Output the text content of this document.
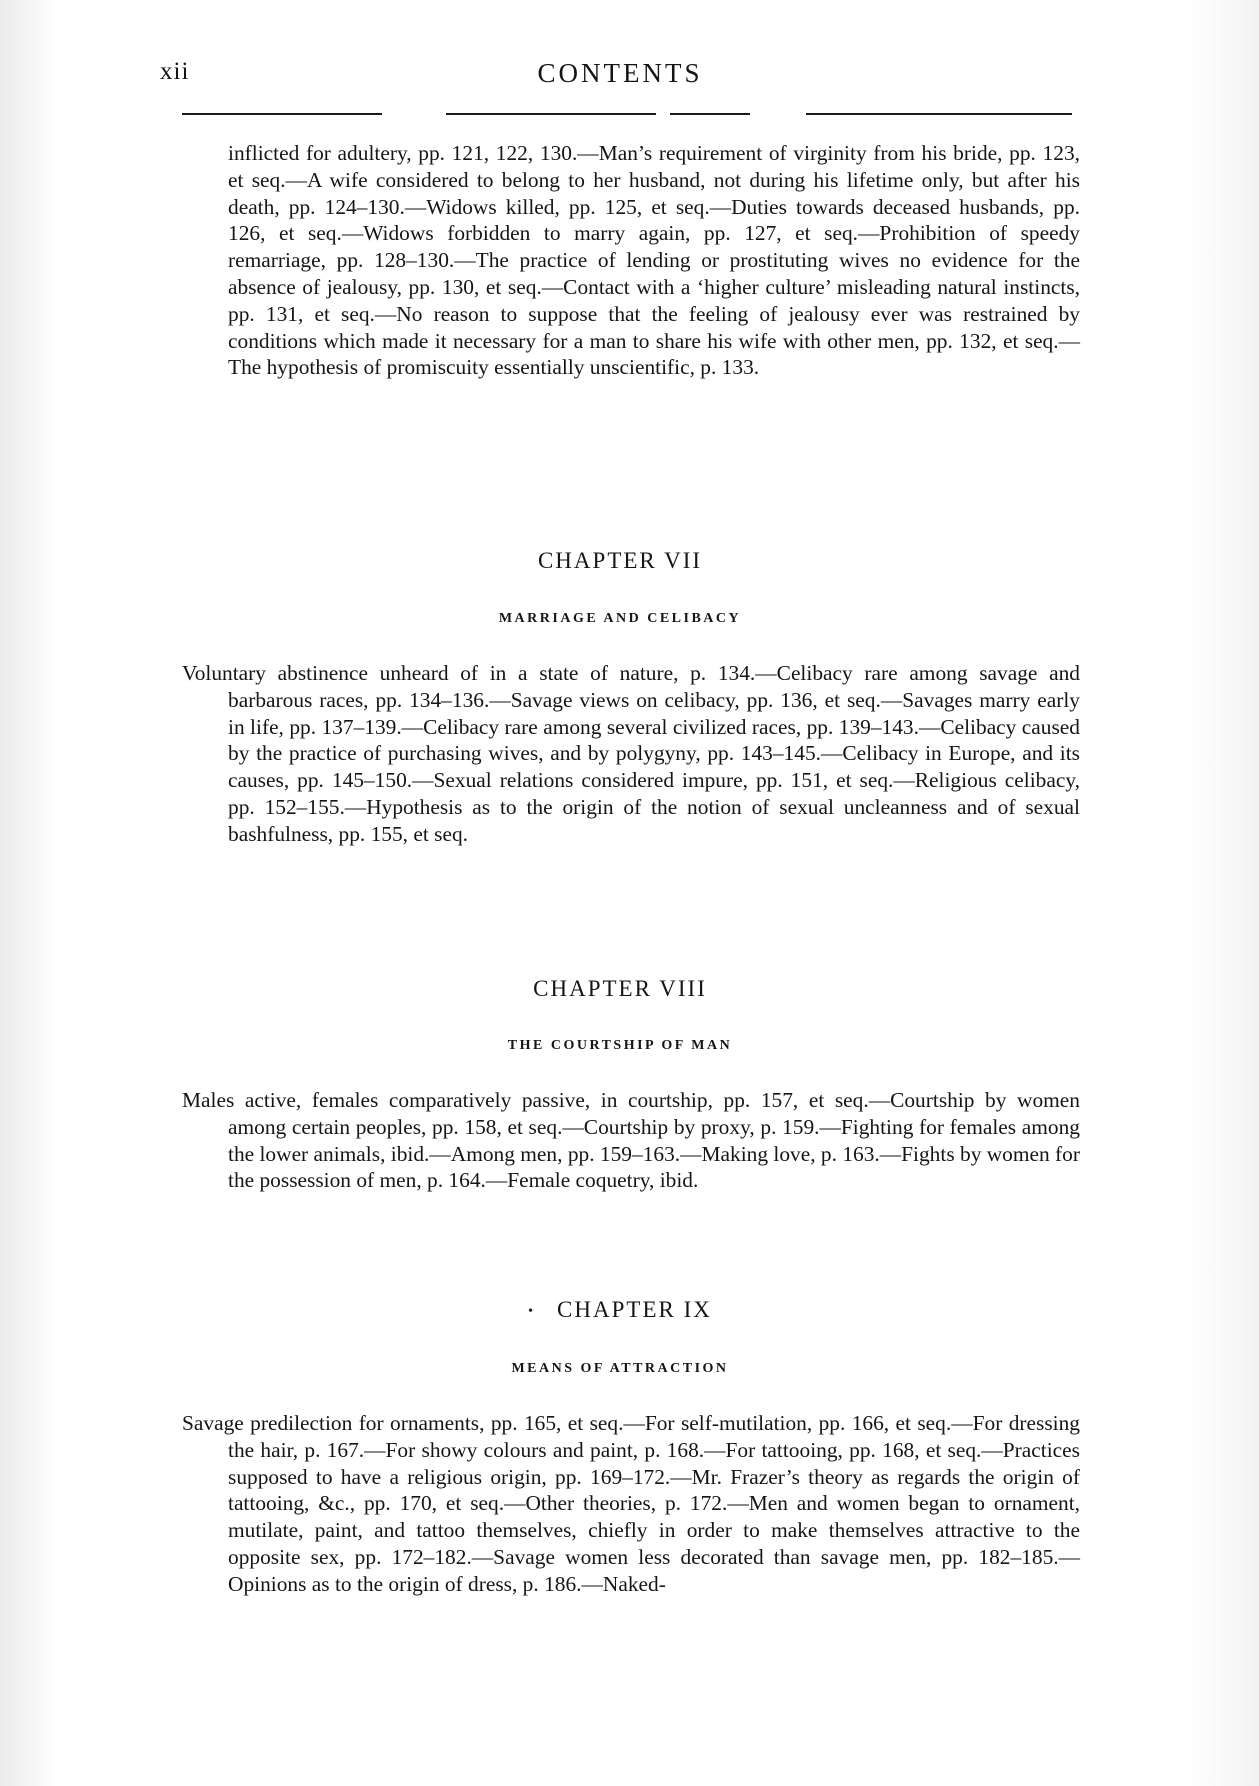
xii	CONTENTS
inflicted for adultery, pp. 121, 122, 130.—Man’s requirement of virginity from his bride, pp. 123, et seq.—A wife considered to belong to her husband, not during his lifetime only, but after his death, pp. 124–130.—Widows killed, pp. 125, et seq.—Duties towards deceased husbands, pp. 126, et seq.—Widows forbidden to marry again, pp. 127, et seq.—Prohibition of speedy remarriage, pp. 128–130.—The practice of lending or prostituting wives no evidence for the absence of jealousy, pp. 130, et seq.—Contact with a ‘higher culture’ misleading natural instincts, pp. 131, et seq.—No reason to suppose that the feeling of jealousy ever was restrained by conditions which made it necessary for a man to share his wife with other men, pp. 132, et seq.—The hypothesis of promiscuity essentially unscientific, p. 133.
CHAPTER VII
MARRIAGE AND CELIBACY
Voluntary abstinence unheard of in a state of nature, p. 134.—Celibacy rare among savage and barbarous races, pp. 134–136.—Savage views on celibacy, pp. 136, et seq.—Savages marry early in life, pp. 137–139.—Celibacy rare among several civilized races, pp. 139–143.—Celibacy caused by the practice of purchasing wives, and by polygyny, pp. 143–145.—Celibacy in Europe, and its causes, pp. 145–150.—Sexual relations considered impure, pp. 151, et seq.—Religious celibacy, pp. 152–155.—Hypothesis as to the origin of the notion of sexual uncleanness and of sexual bashfulness, pp. 155, et seq.
CHAPTER VIII
THE COURTSHIP OF MAN
Males active, females comparatively passive, in courtship, pp. 157, et seq.—Courtship by women among certain peoples, pp. 158, et seq.—Courtship by proxy, p. 159.—Fighting for females among the lower animals, ibid.—Among men, pp. 159–163.—Making love, p. 163.—Fights by women for the possession of men, p. 164.—Female coquetry, ibid.
• CHAPTER IX
MEANS OF ATTRACTION
Savage predilection for ornaments, pp. 165, et seq.—For self-mutilation, pp. 166, et seq.—For dressing the hair, p. 167.—For showy colours and paint, p. 168.—For tattooing, pp. 168, et seq.—Practices supposed to have a religious origin, pp. 169–172.—Mr. Frazer’s theory as regards the origin of tattooing, &c., pp. 170, et seq.—Other theories, p. 172.—Men and women began to ornament, mutilate, paint, and tattoo themselves, chiefly in order to make themselves attractive to the opposite sex, pp. 172–182.—Savage women less decorated than savage men, pp. 182–185.—Opinions as to the origin of dress, p. 186.—Naked-
